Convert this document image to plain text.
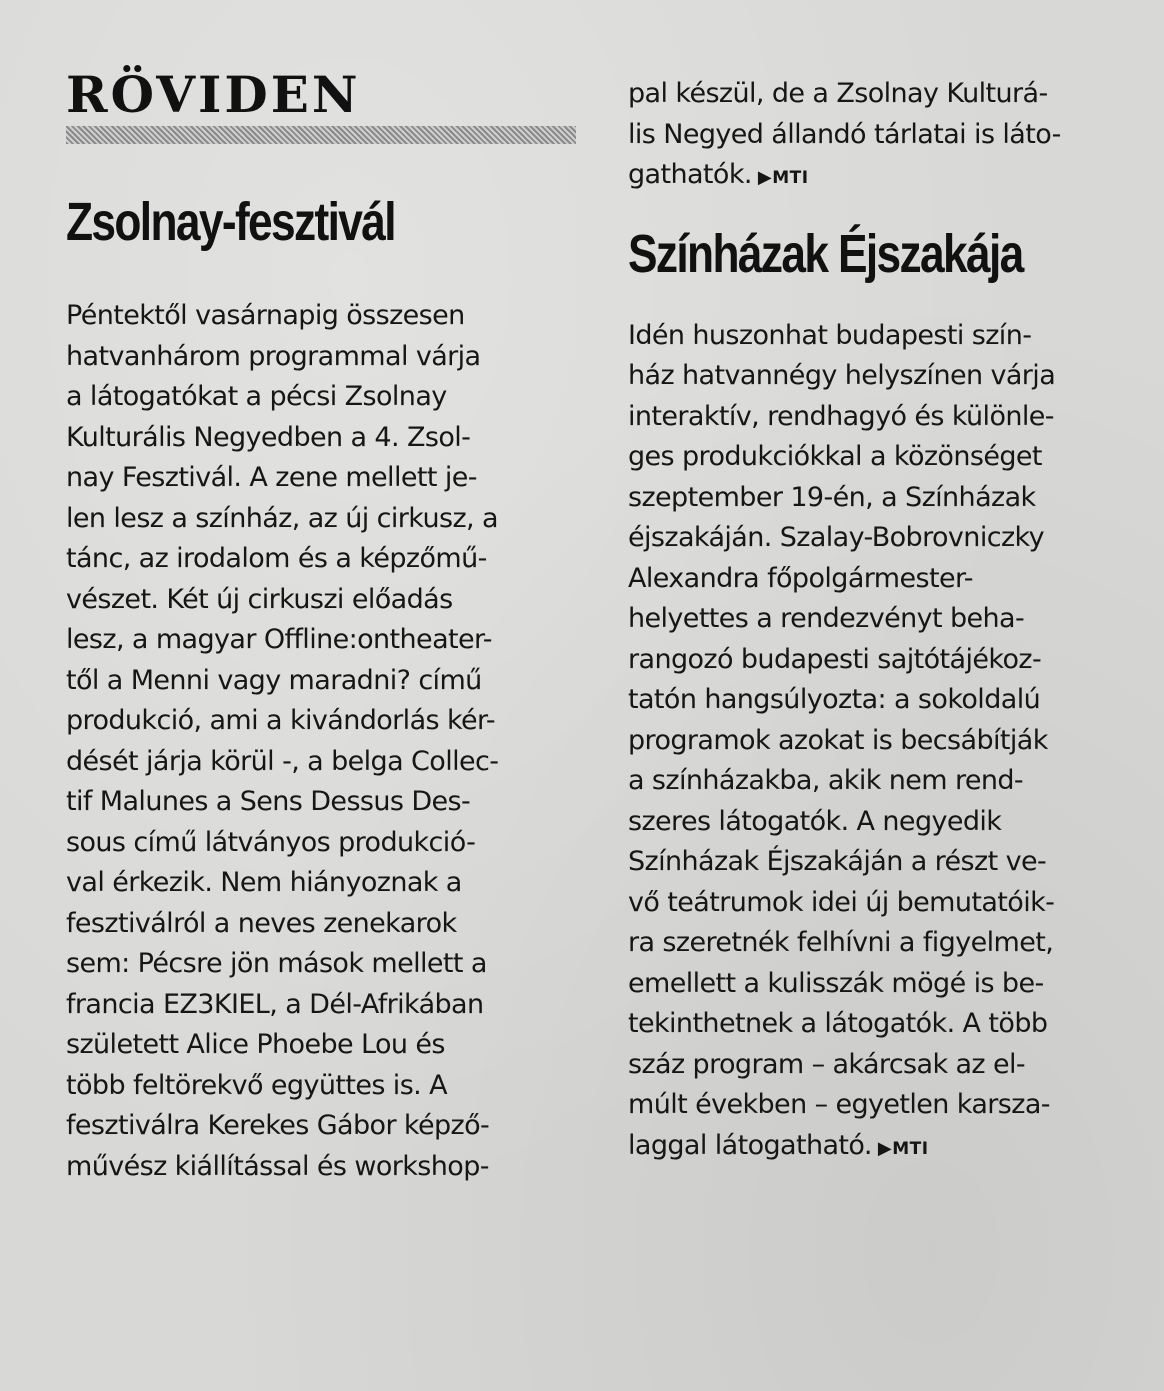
RÖVIDEN
Zsolnay-fesztivál
Péntektől vasárnapig összesen
hatvanhárom programmal várja
a látogatókat a pécsi Zsolnay
Kulturális Negyedben a 4. Zsol-
nay Fesztivál. A zene mellett je-
len lesz a színház, az új cirkusz, a
tánc, az irodalom és a képzőmű-
vészet. Két új cirkuszi előadás
lesz, a magyar Offline:ontheater-
től a Menni vagy maradni? című
produkció, ami a kivándorlás kér-
dését járja körül -, a belga Collec-
tif Malunes a Sens Dessus Des-
sous című látványos produkció-
val érkezik. Nem hiányoznak a
fesztiválról a neves zenekarok
sem: Pécsre jön mások mellett a
francia EZ3KIEL, a Dél-Afrikában
született Alice Phoebe Lou és
több feltörekvő együttes is. A
fesztiválra Kerekes Gábor képző-
művész kiállítással és workshop-
pal készül, de a Zsolnay Kulturá-
lis Negyed állandó tárlatai is láto-
gathatók. ▶MTI
Színházak Éjszakája
Idén huszonhat budapesti szín-
ház hatvannégy helyszínen várja
interaktív, rendhagyó és különle-
ges produkciókkal a közönséget
szeptember 19-én, a Színházak
éjszakáján. Szalay-Bobrovniczky
Alexandra főpolgármester-
helyettes a rendezvényt beha-
rangozó budapesti sajtótájékoz-
tatón hangsúlyozta: a sokoldalú
programok azokat is becsábítják
a színházakba, akik nem rend-
szeres látogatók. A negyedik
Színházak Éjszakáján a részt ve-
vő teátrumok idei új bemutatóik-
ra szeretnék felhívni a figyelmet,
emellett a kulisszák mögé is be-
tekinthetnek a látogatók. A több
száz program – akárcsak az el-
múlt években – egyetlen karsza-
laggal látogatható. ▶MTI
